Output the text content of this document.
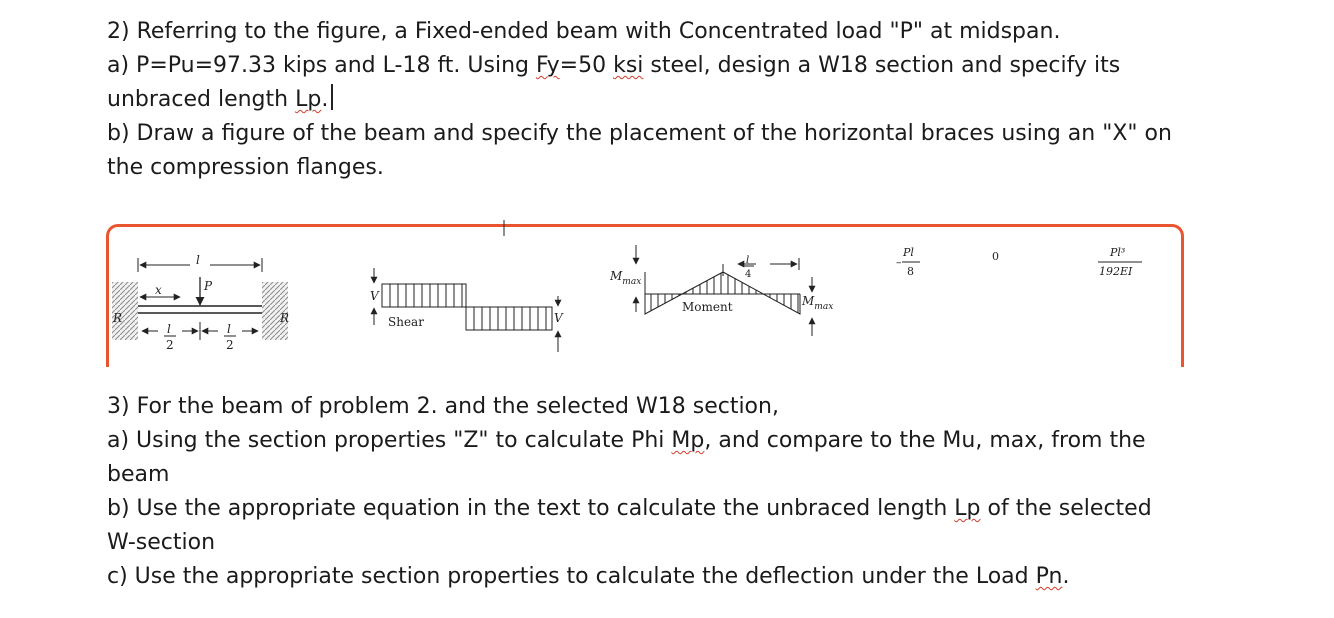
2) Referring to the figure, a Fixed-ended beam with Concentrated load "P" at midspan.
a) P=Pu=97.33 kips and L-18 ft. Using Fy=50 ksi steel, design a W18 section and specify its
unbraced length Lp.
b) Draw a figure of the beam and specify the placement of the horizontal braces using an "X" on
the compression flanges.
l
P
x
R	R
l
2
l
2
V
V
Shear
$M_{max}$
$M_{max}$
Moment
l
4
–
Pl
8
0	Pl³
192EI
3) For the beam of problem 2. and the selected W18 section,
a) Using the section properties "Z" to calculate Phi Mp, and compare to the Mu, max, from the
beam
b) Use the appropriate equation in the text to calculate the unbraced length Lp of the selected
W-section
c) Use the appropriate section properties to calculate the deflection under the Load Pn.
